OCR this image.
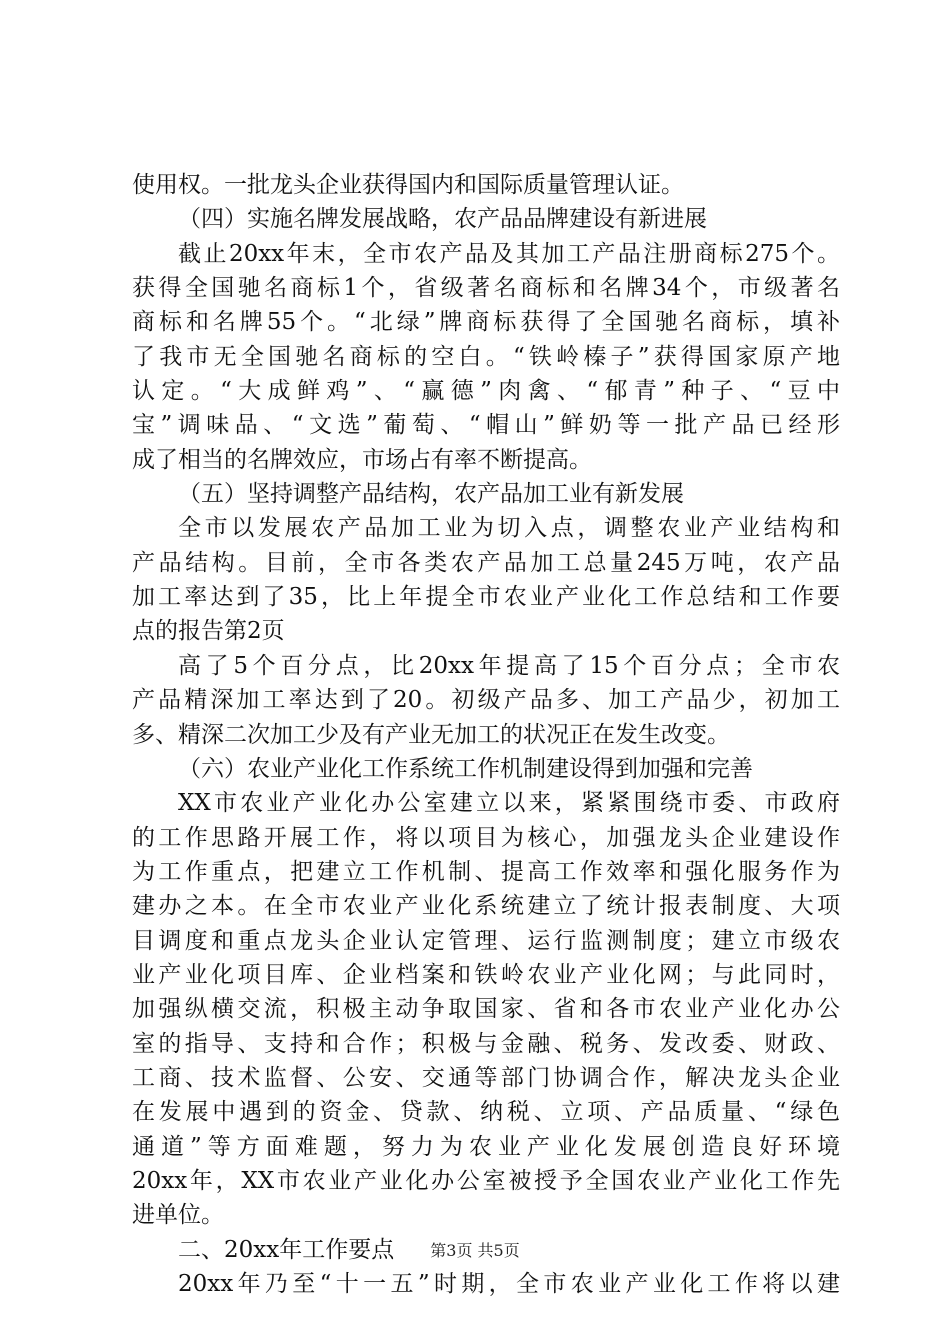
使用权。一批龙头企业获得国内和国际质量管理认证。
（四）实施名牌发展战略，农产品品牌建设有新进展
截止20xx年末，全市农产品及其加工产品注册商标275个。
获得全国驰名商标1个，省级著名商标和名牌34个，市级著名
商标和名牌55个。“北绿”牌商标获得了全国驰名商标，填补
了我市无全国驰名商标的空白。“铁岭榛子”获得国家原产地
认定。“大成鲜鸡”、“赢德”肉禽、“郁青”种子、“豆中
宝”调味品、“文选”葡萄、“帽山”鲜奶等一批产品已经形
成了相当的名牌效应，市场占有率不断提高。
（五）坚持调整产品结构，农产品加工业有新发展
全市以发展农产品加工业为切入点，调整农业产业结构和
产品结构。目前，全市各类农产品加工总量245万吨，农产品
加工率达到了35，比上年提全市农业产业化工作总结和工作要
点的报告第2页
高了5个百分点，比20xx年提高了15个百分点；全市农
产品精深加工率达到了20。初级产品多、加工产品少，初加工
多、精深二次加工少及有产业无加工的状况正在发生改变。
（六）农业产业化工作系统工作机制建设得到加强和完善
XX市农业产业化办公室建立以来，紧紧围绕市委、市政府
的工作思路开展工作，将以项目为核心，加强龙头企业建设作
为工作重点，把建立工作机制、提高工作效率和强化服务作为
建办之本。在全市农业产业化系统建立了统计报表制度、大项
目调度和重点龙头企业认定管理、运行监测制度；建立市级农
业产业化项目库、企业档案和铁岭农业产业化网；与此同时，
加强纵横交流，积极主动争取国家、省和各市农业产业化办公
室的指导、支持和合作；积极与金融、税务、发改委、财政、
工商、技术监督、公安、交通等部门协调合作，解决龙头企业
在发展中遇到的资金、贷款、纳税、立项、产品质量、“绿色
通道”等方面难题，努力为农业产业化发展创造良好环境
20xx年，XX市农业产业化办公室被授予全国农业产业化工作先
进单位。
二、20xx年工作要点
20xx年乃至“十一五”时期，全市农业产业化工作将以建
第3页 共5页
